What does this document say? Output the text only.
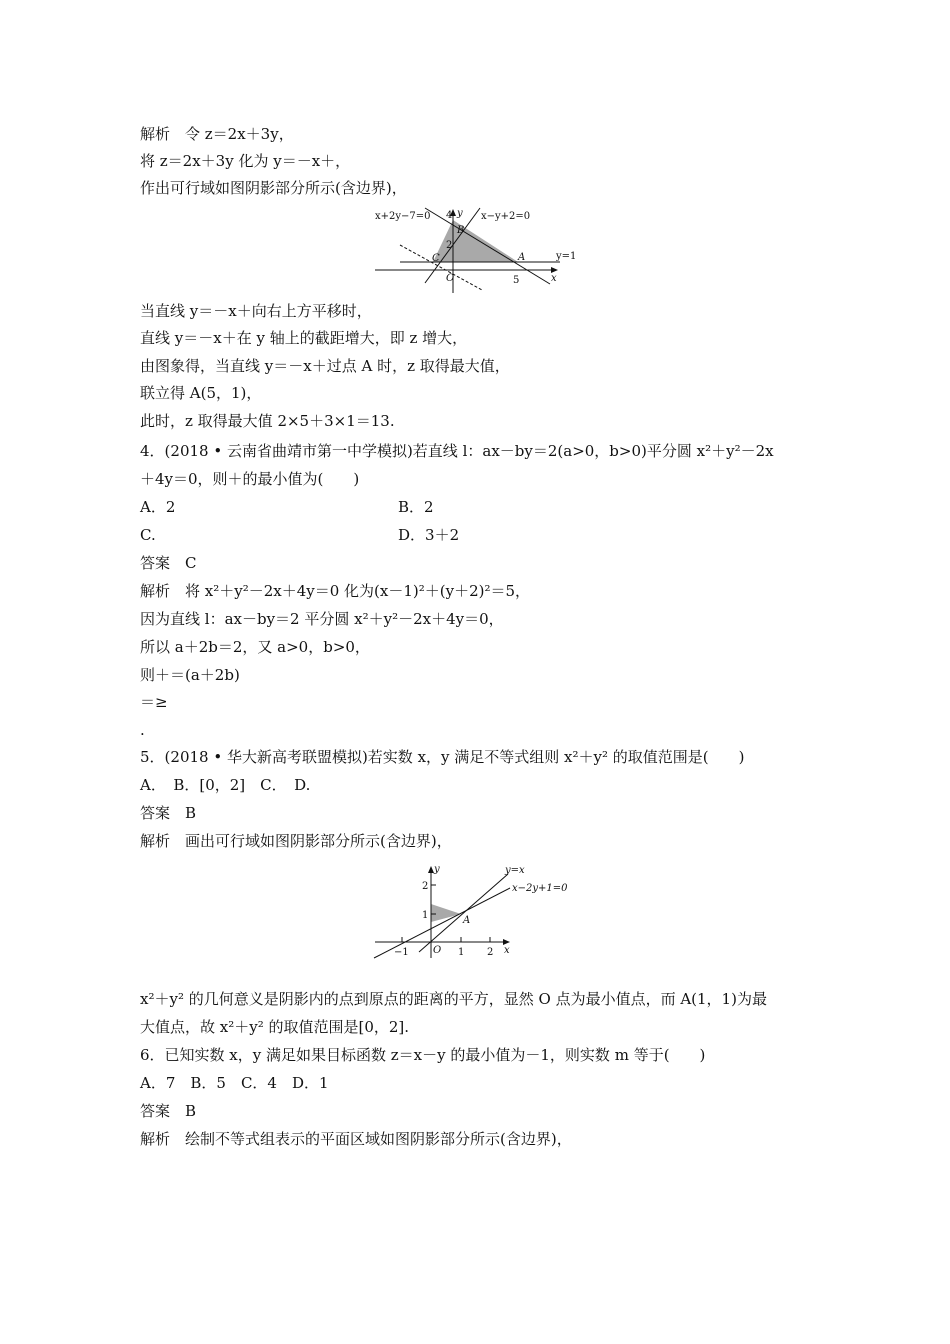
解析　令 z＝2x＋3y，
将 z＝2x＋3y 化为 y＝－x＋，
作出可行域如图阴影部分所示(含边界)，
x+2y−7=0	x−y+2=0
y=1
4 y
B
2
C	A
O	5	x
当直线 y＝－x＋向右上方平移时，
直线 y＝－x＋在 y 轴上的截距增大，即 z 增大，
由图象得，当直线 y＝－x＋过点 A 时，z 取得最大值，
联立得 A(5，1)，
此时，z 取得最大值 2×5＋3×1＝13.
4．(2018 • 云南省曲靖市第一中学模拟)若直线 l：ax－by＝2(a>0，b>0)平分圆 x²＋y²－2x
＋4y＝0，则＋的最小值为(　　)
A．2	B．2
C.	D．3＋2
答案　C
解析　将 x²＋y²－2x＋4y＝0 化为(x－1)²＋(y＋2)²＝5，
因为直线 l：ax－by＝2 平分圆 x²＋y²－2x＋4y＝0，
所以 a＋2b＝2，又 a>0，b>0，
则＋＝(a＋2b)
＝≥
.
5．(2018 • 华大新高考联盟模拟)若实数 x，y 满足不等式组则 x²＋y² 的取值范围是(　　)
A．　B．[0，2]　C．　D.
答案　B
解析　画出可行域如图阴影部分所示(含边界)，
y=x
x−2y+1=0
y
2
1	A
−1 O 1 2 x
x²＋y² 的几何意义是阴影内的点到原点的距离的平方，显然 O 点为最小值点，而 A(1，1)为最
大值点，故 x²＋y² 的取值范围是[0，2].
6．已知实数 x，y 满足如果目标函数 z＝x－y 的最小值为－1，则实数 m 等于(　　)
A．7　B．5　C．4　D．1
答案　B
解析　绘制不等式组表示的平面区域如图阴影部分所示(含边界)，
